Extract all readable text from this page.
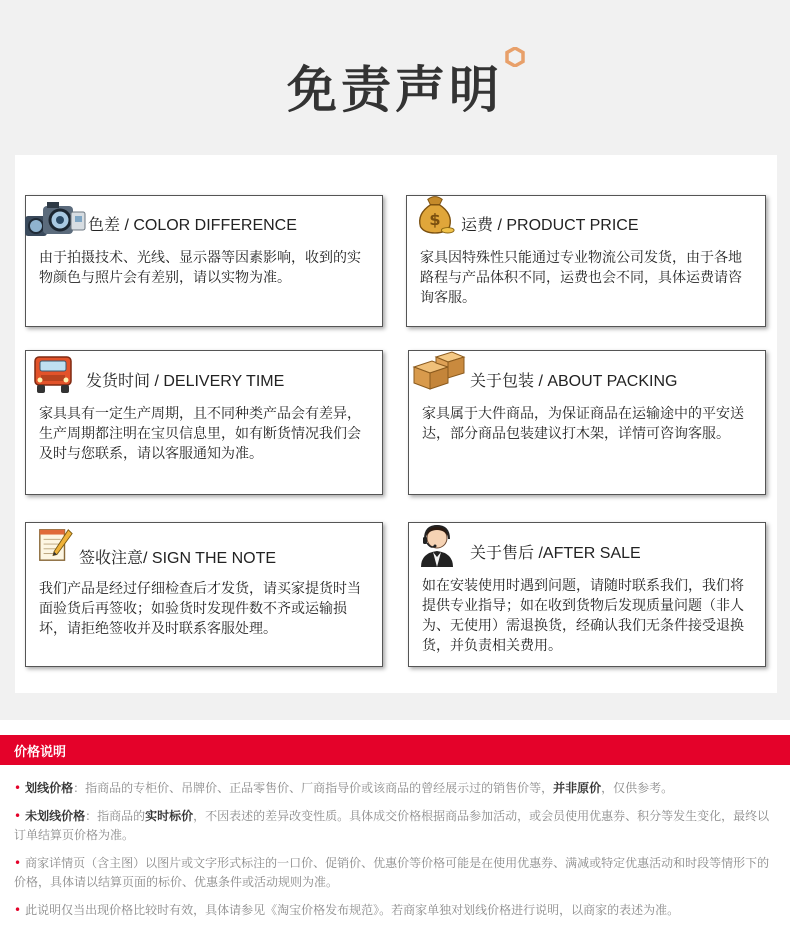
免责声明
色差 / COLOR DIFFERENCE
由于拍摄技术、光线、显示器等因素影响，收到的实物颜色与照片会有差别，请以实物为准。
$ 运费 / PRODUCT PRICE
家具因特殊性只能通过专业物流公司发货，由于各地路程与产品体积不同，运费也会不同，具体运费请咨询客服。
发货时间 / DELIVERY TIME
家具具有一定生产周期，且不同种类产品会有差异，生产周期都注明在宝贝信息里，如有断货情况我们会及时与您联系，请以客服通知为准。
关于包装 / ABOUT PACKING
家具属于大件商品，为保证商品在运输途中的平安送达，部分商品包装建议打木架，详情可咨询客服。
签收注意/ SIGN THE NOTE
我们产品是经过仔细检查后才发货，请买家提货时当面验货后再签收；如验货时发现件数不齐或运输损坏，请拒绝签收并及时联系客服处理。
关于售后 /AFTER SALE
如在安装使用时遇到问题，请随时联系我们，我们将提供专业指导；如在收到货物后发现质量问题（非人为、无使用）需退换货，经确认我们无条件接受退换货，并负责相关费用。
价格说明
• 划线价格：指商品的专柜价、吊牌价、正品零售价、厂商指导价或该商品的曾经展示过的销售价等，并非原价，仅供参考。
• 未划线价格：指商品的实时标价，不因表述的差异改变性质。具体成交价格根据商品参加活动，或会员使用优惠券、积分等发生变化，最终以订单结算页价格为准。
• 商家详情页（含主图）以图片或文字形式标注的一口价、促销价、优惠价等价格可能是在使用优惠券、满减或特定优惠活动和时段等情形下的价格，具体请以结算页面的标价、优惠条件或活动规则为准。
• 此说明仅当出现价格比较时有效，具体请参见《淘宝价格发布规范》。若商家单独对划线价格进行说明，以商家的表述为准。
